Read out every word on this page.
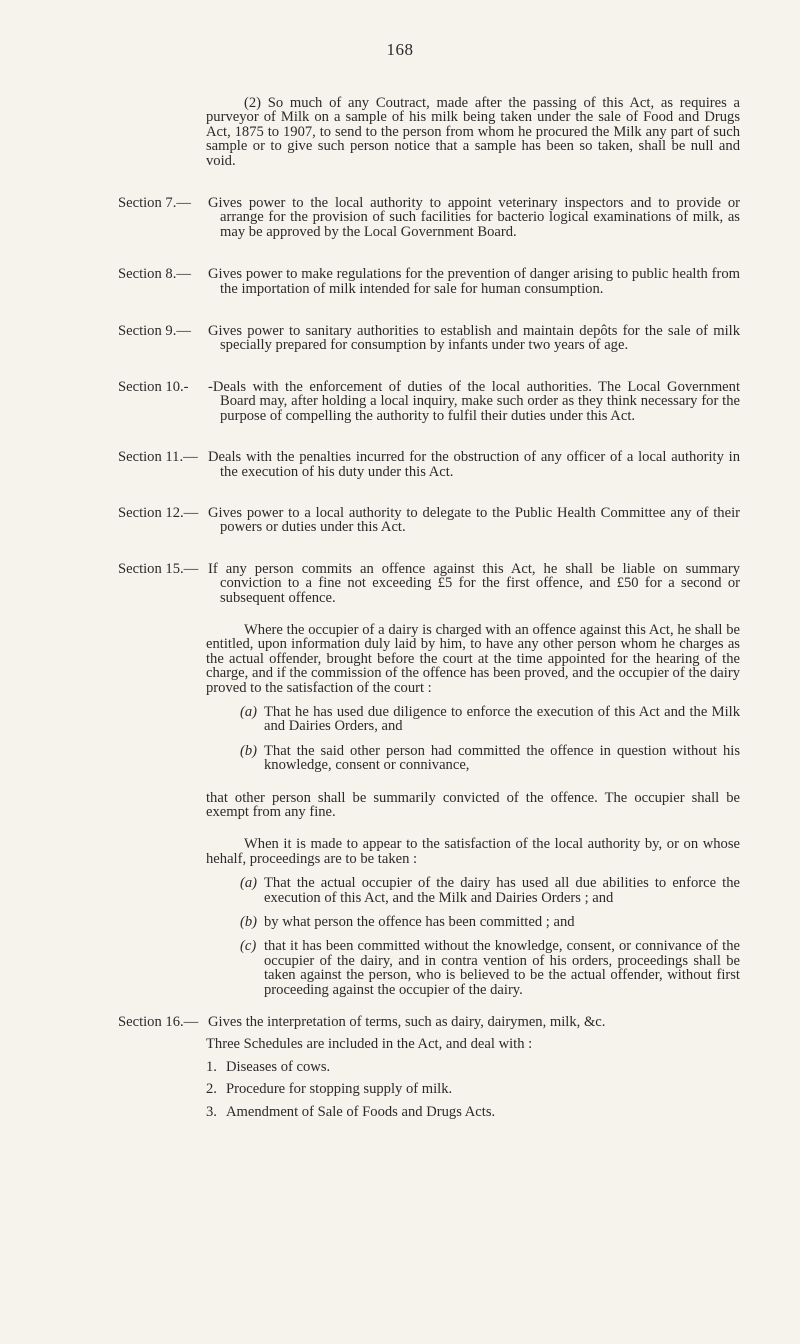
168

(2) So much of any Coutract, made after the passing of this Act, as requires a purveyor of Milk on a sample of his milk being taken under the sale of Food and Drugs Act, 1875 to 1907, to send to the person from whom he procured the Milk any part of such sample or to give such person notice that a sample has been so taken, shall be null and void.

Section 7.—	Gives power to the local authority to appoint veterinary inspectors and to provide or arrange for the provision of such facilities for bacterio logical examinations of milk, as may be approved by the Local Government Board.

Section 8.—	Gives power to make regulations for the prevention of danger arising to public health from the importation of milk intended for sale for human consumption.

Section 9.—	Gives power to sanitary authorities to establish and maintain depôts for the sale of milk specially prepared for consumption by infants under two years of age.

Section 10.-	-Deals with the enforcement of duties of the local authorities. The Local Government Board may, after holding a local inquiry, make such order as they think necessary for the purpose of compelling the authority to fulfil their duties under this Act.

Section 11.— Deals with the penalties incurred for the obstruction of any officer of a local authority in the execution of his duty under this Act.

Section 12.— Gives power to a local authority to delegate to the Public Health Committee any of their powers or duties under this Act.

Section 15.— If any person commits an offence against this Act, he shall be liable on summary conviction to a fine not exceeding £5 for the first offence, and £50 for a second or subsequent offence.

Where the occupier of a dairy is charged with an offence against this Act, he shall be entitled, upon information duly laid by him, to have any other person whom he charges as the actual offender, brought before the court at the time appointed for the hearing of the charge, and if the commission of the offence has been proved, and the occupier of the dairy proved to the satisfaction of the court :

(a) That he has used due diligence to enforce the execution of this Act and the Milk and Dairies Orders, and

(b) That the said other person had committed the offence in question without his knowledge, consent or connivance,

that other person shall be summarily convicted of the offence. The occupier shall be exempt from any fine.

When it is made to appear to the satisfaction of the local authority by, or on whose hehalf, proceedings are to be taken :

(a) That the actual occupier of the dairy has used all due abilities to enforce the execution of this Act, and the Milk and Dairies Orders ; and

(b) by what person the offence has been committed ; and

(c) that it has been committed without the knowledge, consent, or connivance of the occupier of the dairy, and in contra vention of his orders, proceedings shall be taken against the person, who is believed to be the actual offender, without first proceeding against the occupier of the dairy.

Section 16.— Gives the interpretation of terms, such as dairy, dairymen, milk, &c.

Three Schedules are included in the Act, and deal with :

1. Diseases of cows.
2. Procedure for stopping supply of milk.
3. Amendment of Sale of Foods and Drugs Acts.
